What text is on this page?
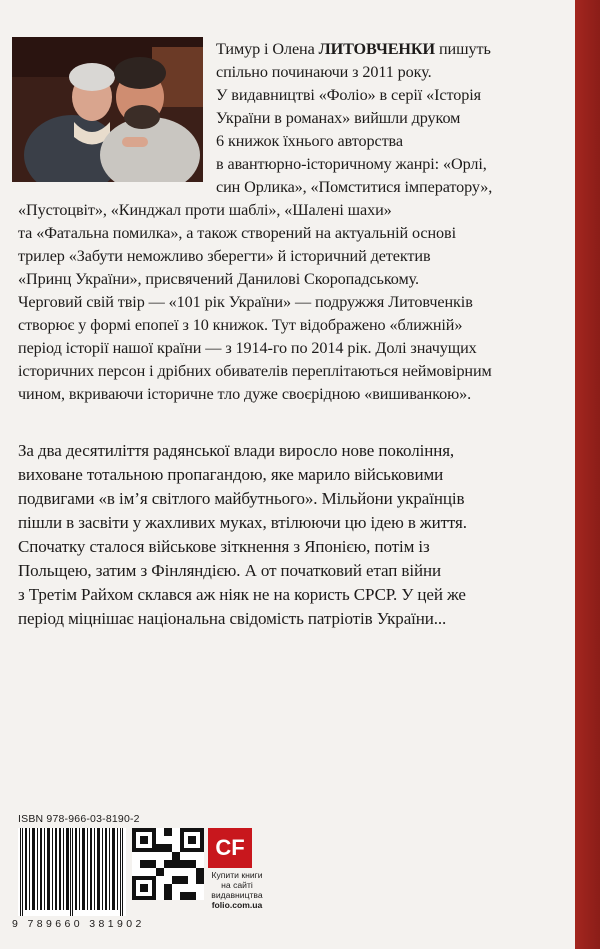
Тимур і Олена ЛИТОВЧЕНКИ пишуть
спільно починаючи з 2011 року.
У видавництві «Фоліо» в серії «Історія
України в романах» вийшли друком
6 книжок їхнього авторства
в авантюрно-історичному жанрі: «Орлі,
син Орлика», «Помститися імператору»,
«Пустоцвіт», «Кинджал проти шаблі», «Шалені шахи»
та «Фатальна помилка», а також створений на актуальній основі
трилер «Забути неможливо зберегти» й історичний детектив
«Принц України», присвячений Данилові Скоропадському.
Черговий свій твір — «101 рік України» — подружжя Литовченків
створює у формі епопеї з 10 книжок. Тут відображено «ближній»
період історії нашої країни — з 1914-го по 2014 рік. Долі значущих
історичних персон і дрібних обивателів переплітаються неймовірним
чином, вкриваючи історичне тло дуже своєрідною «вишиванкою».
За два десятиліття радянської влади виросло нове покоління,
виховане тотальною пропагандою, яке марило військовими
подвигами «в ім’я світлого майбутнього». Мільйони українців
пішли в засвіти у жахливих муках, втілюючи цю ідею в життя.
Спочатку сталося військове зіткнення з Японією, потім із
Польщею, затим з Фінляндією. А от початковий етап війни
з Третім Райхом склався аж ніяк не на користь СРСР. У цей же
період міцнішає національна свідомість патріотів України...
ISBN 978-966-03-8190-2
9 789660 381902
CF
Купити книги
на сайті
видавництва
folio.com.ua
